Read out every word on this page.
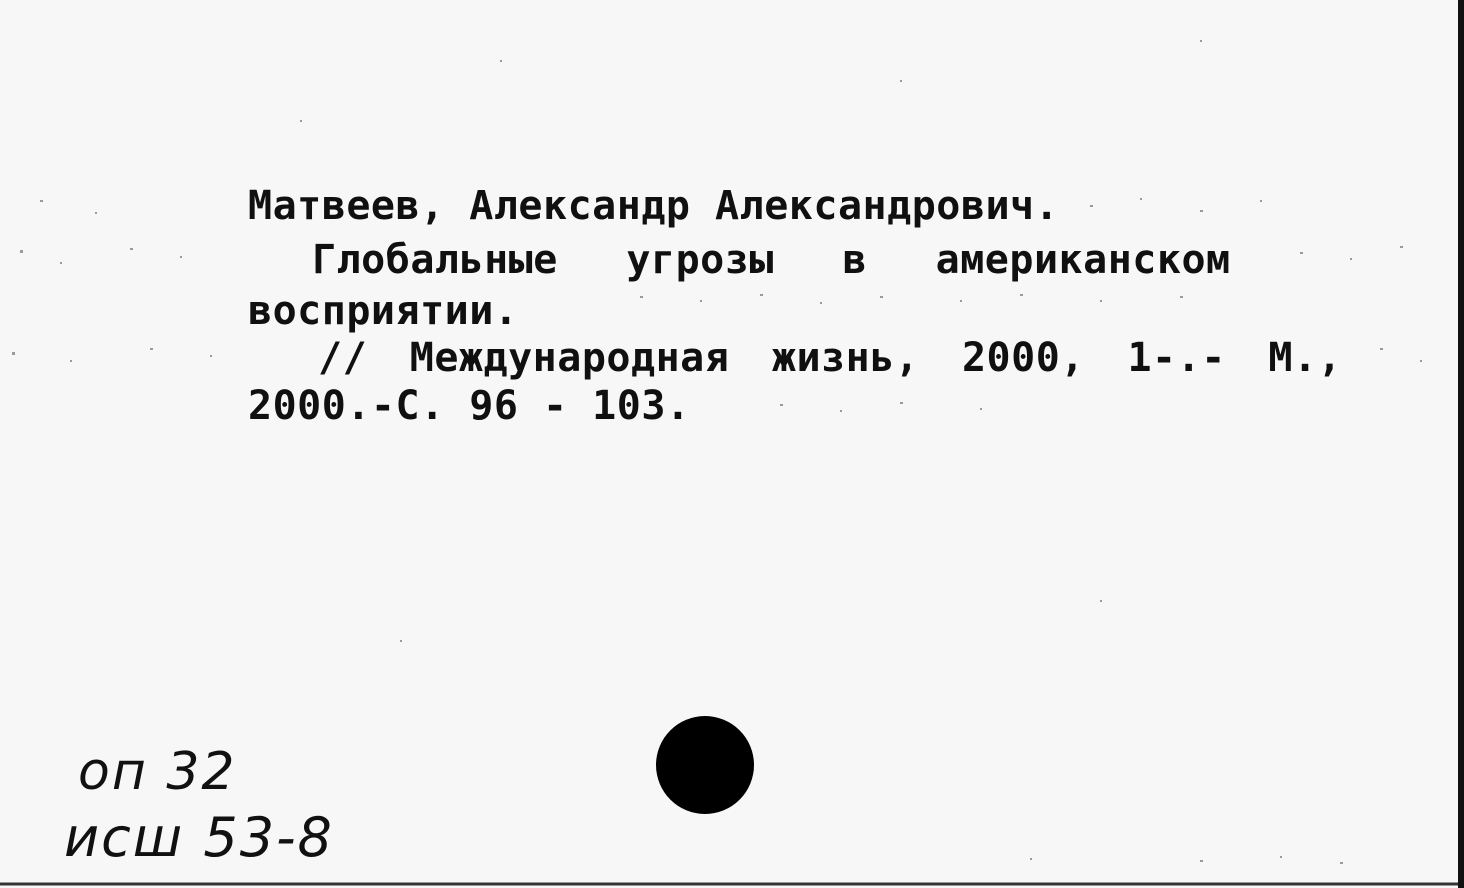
Матвеев, Александр Александрович.

Глобальные угрозы в американском

восприятии.

// Международная жизнь, 2000, 1-.- М.,

2000.-С. 96 - 103.

оп 32

исш 53-8
